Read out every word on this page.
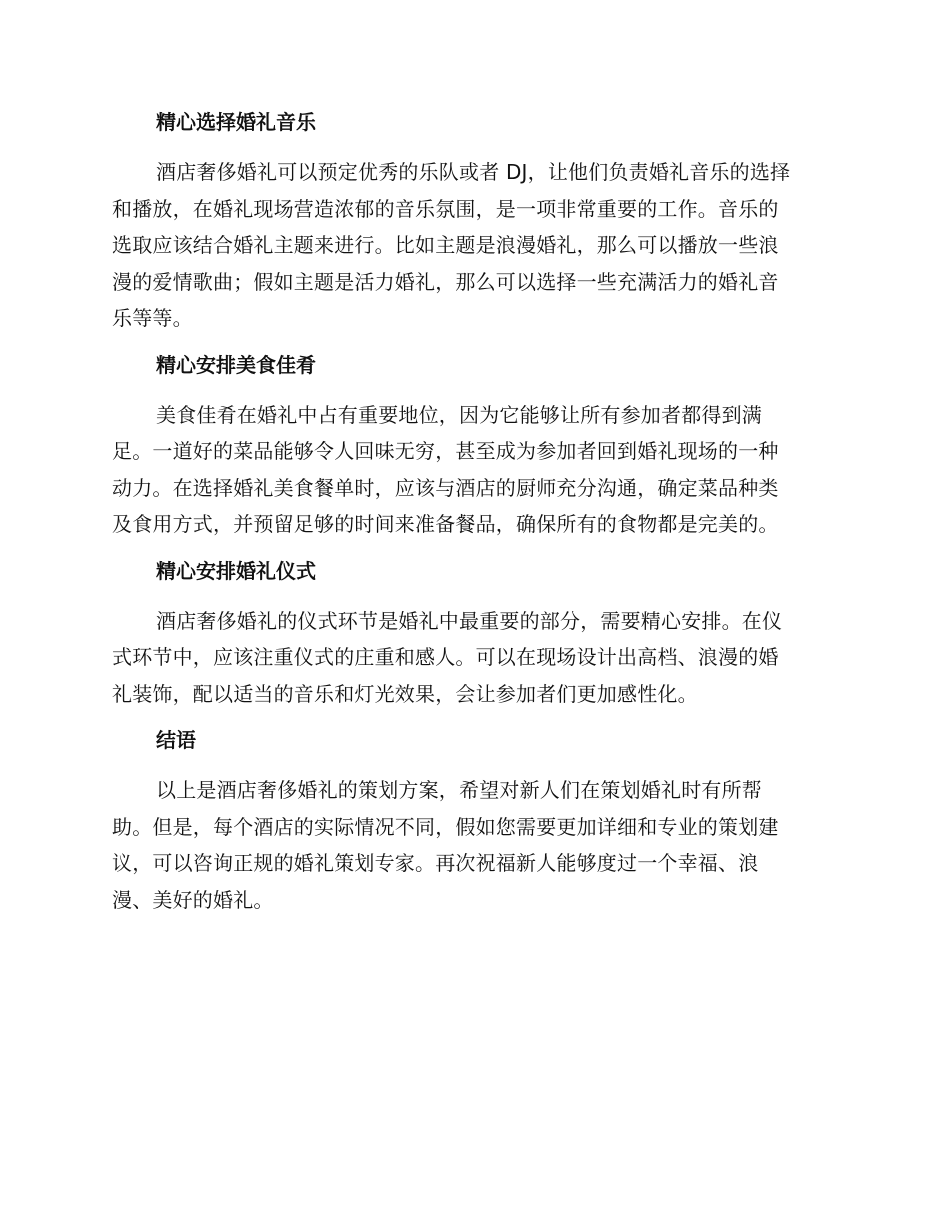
精心选择婚礼音乐

酒店奢侈婚礼可以预定优秀的乐队或者 DJ，让他们负责婚礼音乐的选择
和播放，在婚礼现场营造浓郁的音乐氛围，是一项非常重要的工作。音乐的
选取应该结合婚礼主题来进行。比如主题是浪漫婚礼，那么可以播放一些浪
漫的爱情歌曲；假如主题是活力婚礼，那么可以选择一些充满活力的婚礼音
乐等等。

精心安排美食佳肴

美食佳肴在婚礼中占有重要地位，因为它能够让所有参加者都得到满
足。一道好的菜品能够令人回味无穷，甚至成为参加者回到婚礼现场的一种
动力。在选择婚礼美食餐单时，应该与酒店的厨师充分沟通，确定菜品种类
及食用方式，并预留足够的时间来准备餐品，确保所有的食物都是完美的。

精心安排婚礼仪式

酒店奢侈婚礼的仪式环节是婚礼中最重要的部分，需要精心安排。在仪
式环节中，应该注重仪式的庄重和感人。可以在现场设计出高档、浪漫的婚
礼装饰，配以适当的音乐和灯光效果，会让参加者们更加感性化。

结语

以上是酒店奢侈婚礼的策划方案，希望对新人们在策划婚礼时有所帮
助。但是，每个酒店的实际情况不同，假如您需要更加详细和专业的策划建
议，可以咨询正规的婚礼策划专家。再次祝福新人能够度过一个幸福、浪
漫、美好的婚礼。
